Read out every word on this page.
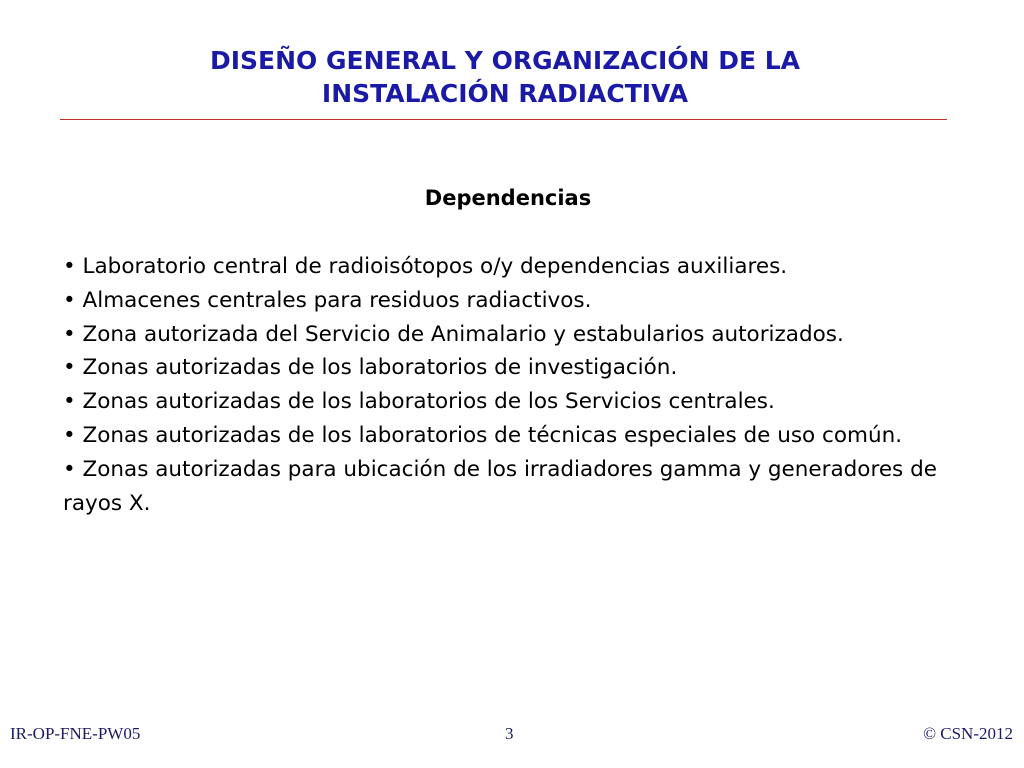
DISEÑO GENERAL Y ORGANIZACIÓN DE LA
INSTALACIÓN RADIACTIVA
Dependencias
• Laboratorio central de radioisótopos o/y dependencias auxiliares.
• Almacenes centrales para residuos radiactivos.
• Zona autorizada del Servicio de Animalario y estabularios autorizados.
• Zonas autorizadas de los laboratorios de investigación.
• Zonas autorizadas de los laboratorios de los Servicios centrales.
• Zonas autorizadas de los laboratorios de técnicas especiales de uso común.
• Zonas autorizadas para ubicación de los irradiadores gamma y generadores de rayos X.
IR-OP-FNE-PW05	3	© CSN-2012
